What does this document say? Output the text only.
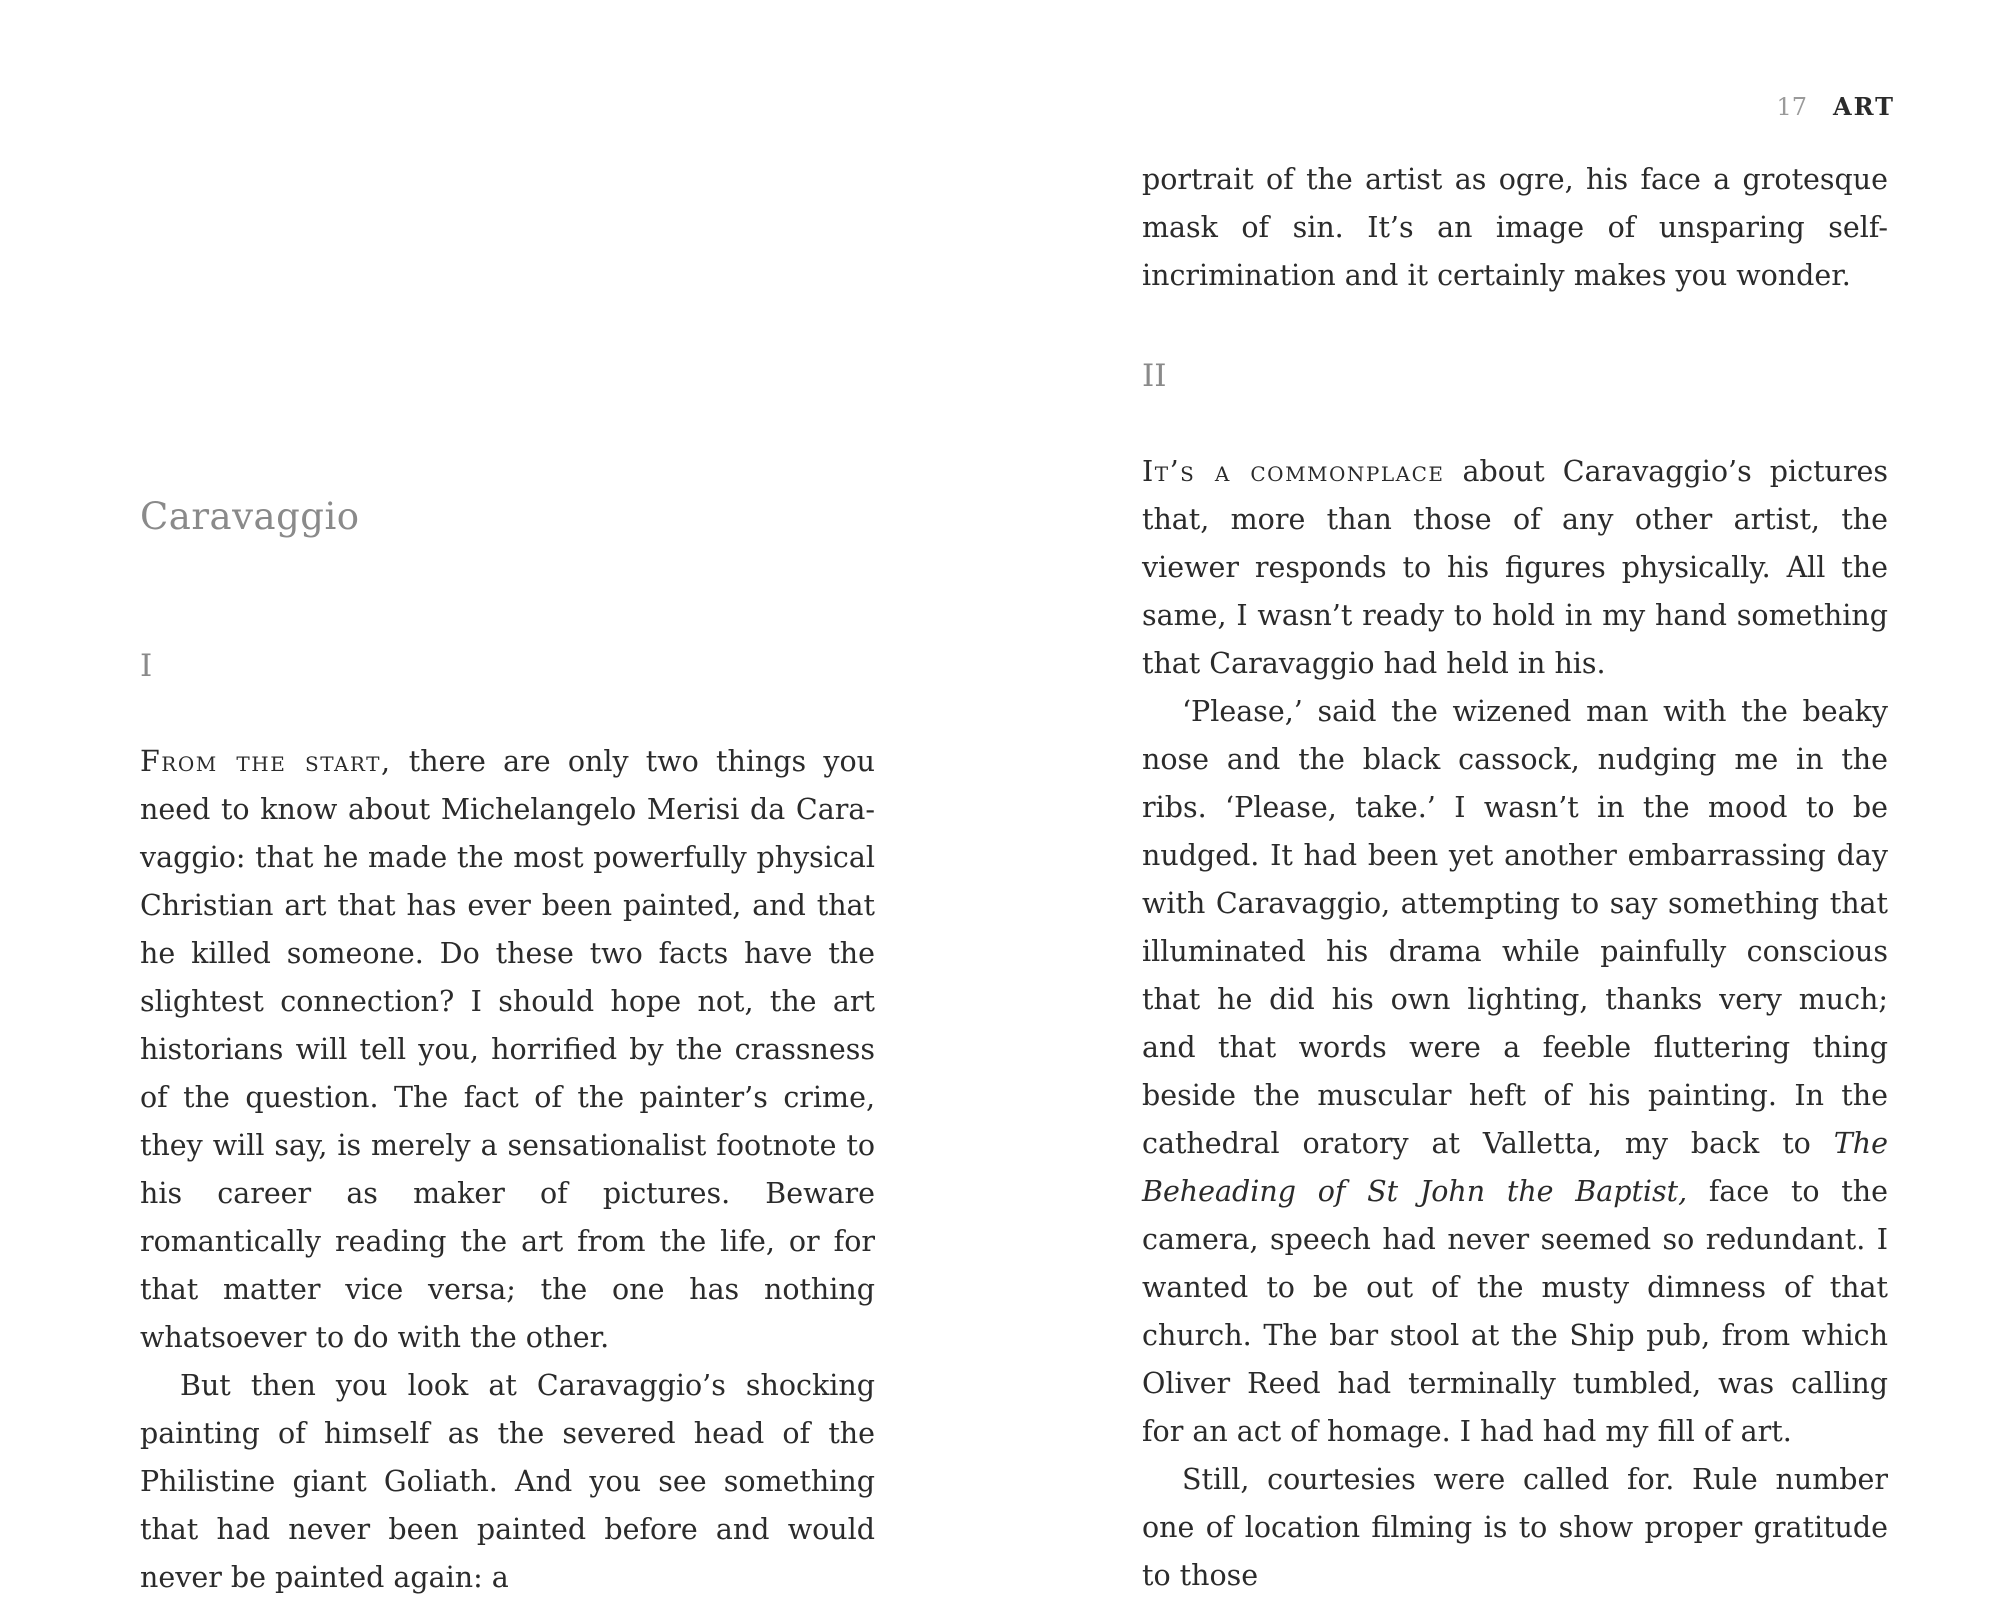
Caravaggio
I

From the start, there are only two things you need to know about Michelangelo Merisi da Caravaggio: that he made the most powerfully physical Christian art that has ever been painted, and that he killed someone. Do these two facts have the slightest connection? I should hope not, the art historians will tell you, horrified by the crassness of the question. The fact of the painter’s crime, they will say, is merely a sensationalist footnote to his career as maker of pictures. Beware romantically reading the art from the life, or for that matter vice versa; the one has nothing whatsoever to do with the other.

But then you look at Caravaggio’s shocking painting of himself as the severed head of the Philistine giant Goliath. And you see something that had never been painted before and would never be painted again: a

17 ART

portrait of the artist as ogre, his face a grotesque mask of sin. It’s an image of unsparing self-incrimination and it certainly makes you wonder.

II

It’s a commonplace about Caravaggio’s pictures that, more than those of any other artist, the viewer responds to his figures physically. All the same, I wasn’t ready to hold in my hand something that Caravaggio had held in his.

‘Please,’ said the wizened man with the beaky nose and the black cassock, nudging me in the ribs. ‘Please, take.’ I wasn’t in the mood to be nudged. It had been yet another embarrassing day with Caravaggio, attempting to say something that illuminated his drama while painfully conscious that he did his own lighting, thanks very much; and that words were a feeble fluttering thing beside the muscular heft of his painting. In the cathedral oratory at Valletta, my back to The Beheading of St John the Baptist, face to the camera, speech had never seemed so redundant. I wanted to be out of the musty dimness of that church. The bar stool at the Ship pub, from which Oliver Reed had terminally tumbled, was calling for an act of homage. I had had my fill of art.

Still, courtesies were called for. Rule number one of location filming is to show proper gratitude to those
